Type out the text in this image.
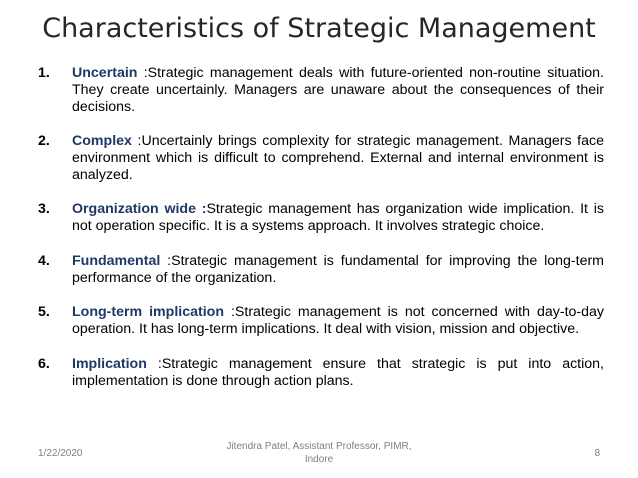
Characteristics of Strategic Management
1.	Uncertain :Strategic management deals with future-oriented non-routine situation. They create uncertainly. Managers are unaware about the consequences of their decisions.
2.	Complex :Uncertainly brings complexity for strategic management. Managers face environment which is difficult to comprehend. External and internal environment is analyzed.
3.	Organization wide :Strategic management has organization wide implication. It is not operation specific. It is a systems approach. It involves strategic choice.
4.	Fundamental :Strategic management is fundamental for improving the long-term performance of the organization.
5.	Long-term implication :Strategic management is not concerned with day-to-day operation. It has long-term implications. It deal with vision, mission and objective.
6.	Implication :Strategic management ensure that strategic is put into action, implementation is done through action plans.
1/22/2020
Jitendra Patel, Assistant Professor, PIMR,
Indore
8
